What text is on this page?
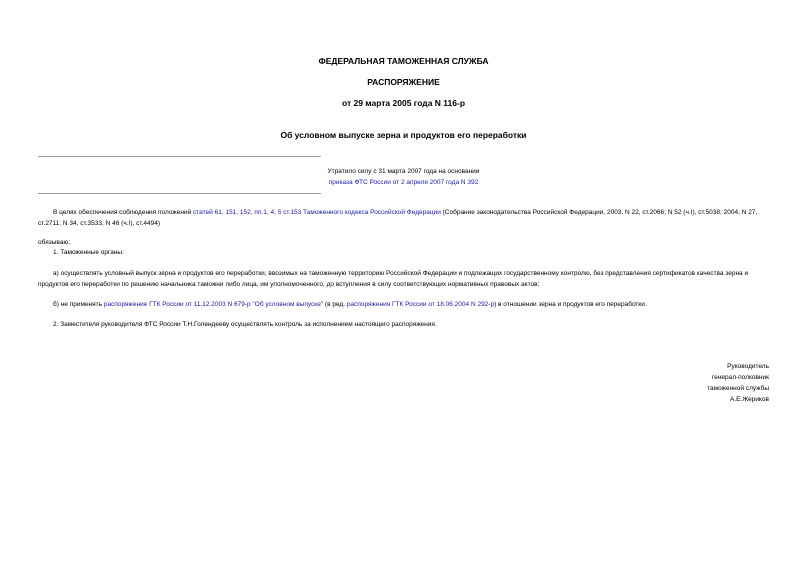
ФЕДЕРАЛЬНАЯ ТАМОЖЕННАЯ СЛУЖБА
РАСПОРЯЖЕНИЕ
от 29 марта 2005 года N 116-р
Об условном выпуске зерна и продуктов его переработки
Утратило силу с 31 марта 2007 года на основании
приказа ФТС России от 2 апреля 2007 года N 392
В целях обеспечения соблюдения положений статей 61, 151, 152, пп.1, 4, 5 ст.153 Таможенного кодекса Российской Федерации (Собрание законодательства Российской Федерации, 2003, N 22, ст.2066; N 52 (ч.I), ст.5038; 2004, N 27, ст.2711; N 34, ст.3533, N 46 (ч.I), ст.4494)
обязываю:
1. Таможенные органы:
а) осуществлять условный выпуск зерна и продуктов его переработки, ввозимых на таможенную территорию Российской Федерации и подлежащих государственному контролю, без представления сертификатов качества зерна и продуктов его переработки по решению начальника таможни либо лица, им уполномоченного, до вступления в силу соответствующих нормативных правовых актов;
б) не применять распоряжение ГТК России от 11.12.2003 N 679-р "Об условном выпуске" (в ред. распоряжения ГТК России от 18.06.2004 N 292-р) в отношении зерна и продуктов его переработки.
2. Заместителя руководителя ФТС России Т.Н.Голендееву осуществлять контроль за исполнением настоящего распоряжения.
Руководитель
генерал-полковник
таможенной службы
А.Е.Жериков
